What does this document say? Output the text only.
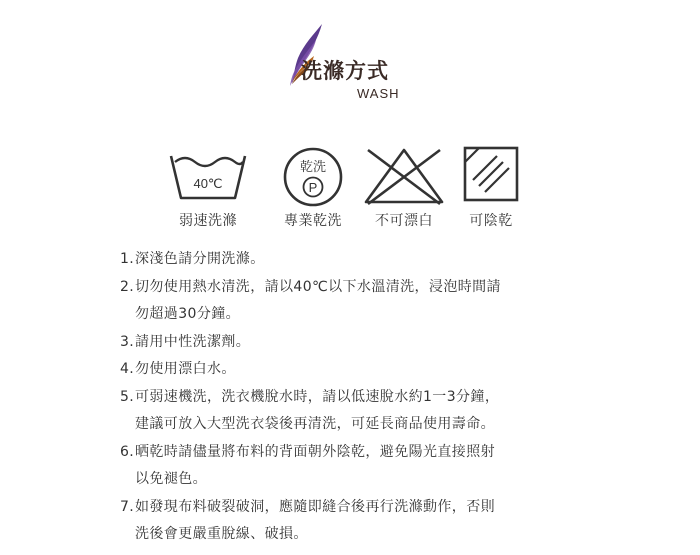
洗滌方式
WASH
40℃
弱速洗滌
乾洗
P
專業乾洗	不可漂白	可陰乾
1. 深淺色請分開洗滌。
2. 切勿使用熱水清洗，請以40℃以下水溫清洗，浸泡時間請
勿超過30分鐘。
3. 請用中性洗潔劑。
4. 勿使用漂白水。
5. 可弱速機洗，洗衣機脫水時，請以低速脫水約1一3分鐘，
建議可放入大型洗衣袋後再清洗，可延長商品使用壽命。
6. 晒乾時請儘量將布料的背面朝外陰乾，避免陽光直接照射
以免褪色。
7. 如發現布料破裂破洞，應隨即縫合後再行洗滌動作，否則
洗後會更嚴重脫線、破損。
